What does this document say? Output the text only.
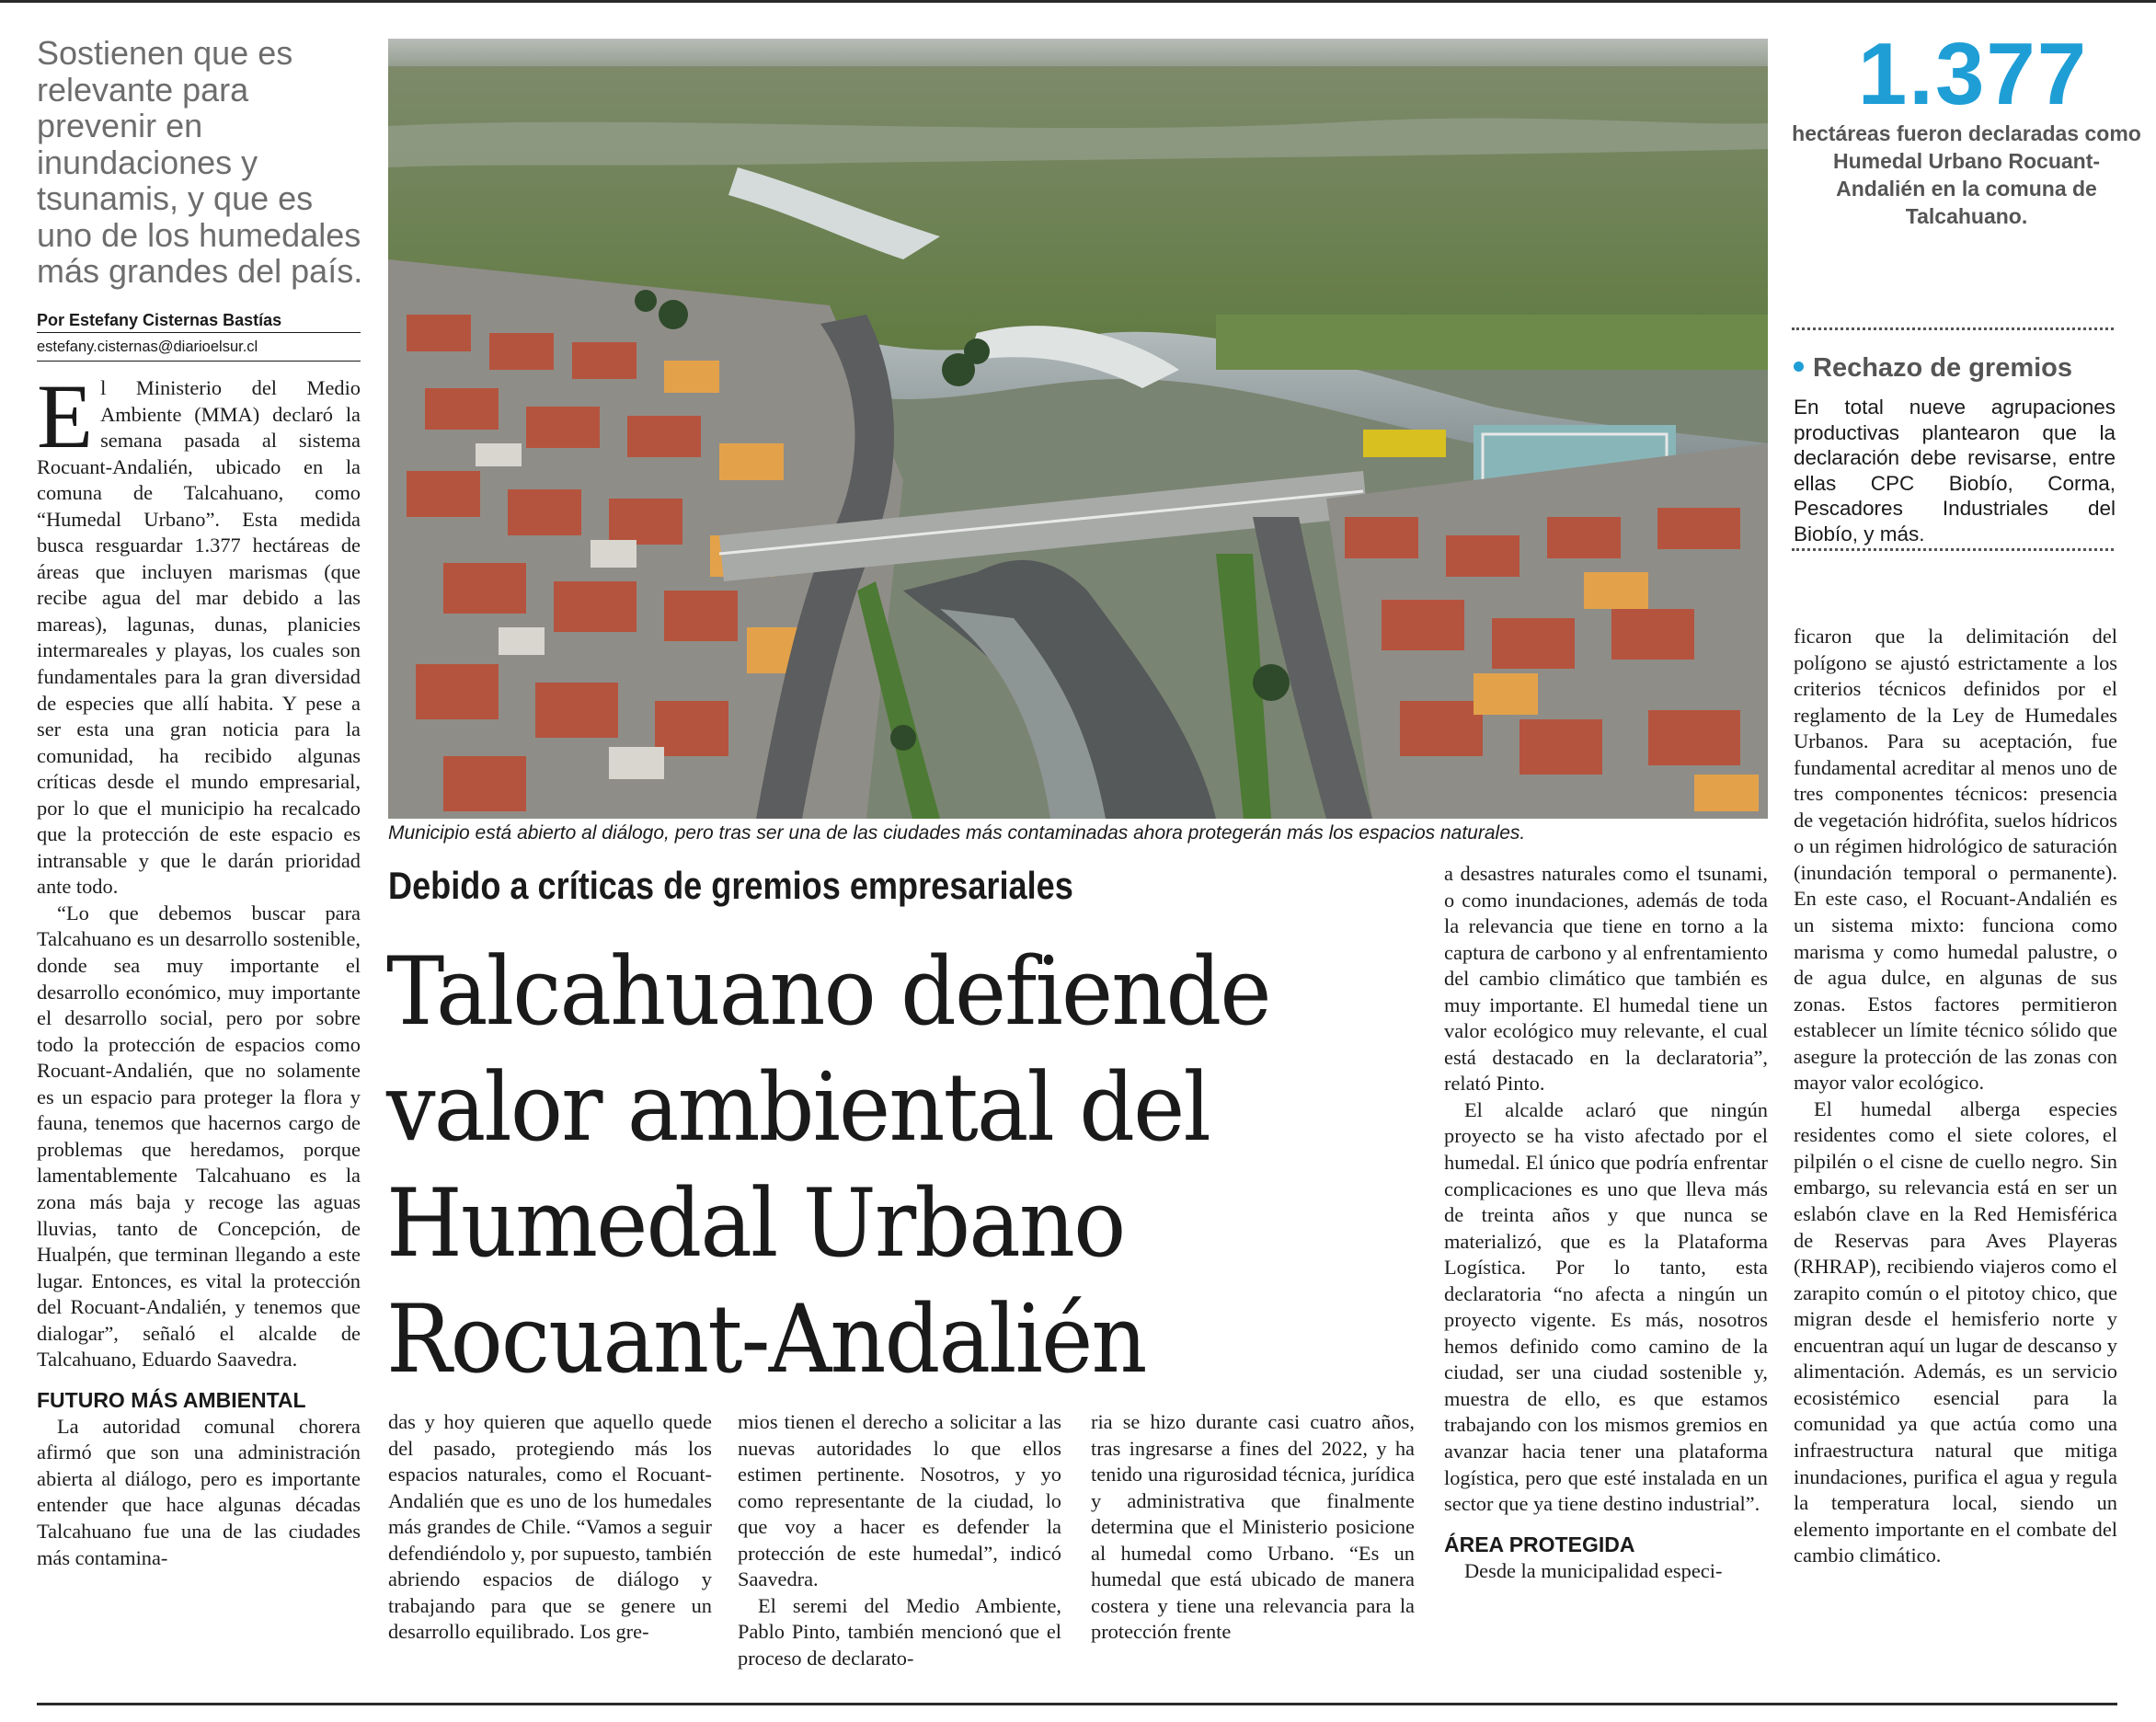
Sostienen que es relevante para prevenir en inundaciones y tsunamis, y que es uno de los humedales más grandes del país.
Por Estefany Cisternas Bastías
estefany.cisternas@diarioelsur.cl

El Ministerio del Medio Ambiente (MMA) declaró la semana pasada al sistema Rocuant-Andalién, ubicado en la comuna de Talcahuano, como “Humedal Urbano”. Esta medida busca resguardar 1.377 hectáreas de áreas que incluyen marismas (que recibe agua del mar debido a las mareas), lagunas, dunas, planicies intermareales y playas, los cuales son fundamentales para la gran diversidad de especies que allí habita. Y pese a ser esta una gran noticia para la comunidad, ha recibido algunas críticas desde el mundo empresarial, por lo que el municipio ha recalcado que la protección de este espacio es intransable y que le darán prioridad ante todo.

“Lo que debemos buscar para Talcahuano es un desarrollo sostenible, donde sea muy importante el desarrollo económico, muy importante el desarrollo social, pero por sobre todo la protección de espacios como Rocuant-Andalién, que no solamente es un espacio para proteger la flora y fauna, tenemos que hacernos cargo de problemas que heredamos, porque lamentablemente Talcahuano es la zona más baja y recoge las aguas lluvias, tanto de Concepción, de Hualpén, que terminan llegando a este lugar. Entonces, es vital la protección del Rocuant-Andalién, y tenemos que dialogar”, señaló el alcalde de Talcahuano, Eduardo Saavedra.

FUTURO MÁS AMBIENTAL

La autoridad comunal chorera afirmó que son una administración abierta al diálogo, pero es importante entender que hace algunas décadas Talcahuano fue una de las ciudades más contamina-

Municipio está abierto al diálogo, pero tras ser una de las ciudades más contaminadas ahora protegerán más los espacios naturales.
Debido a críticas de gremios empresariales
Talcahuano defiende valor ambiental del Humedal Urbano Rocuant-Andalién

das y hoy quieren que aquello quede del pasado, protegiendo más los espacios naturales, como el Rocuant-Andalién que es uno de los humedales más grandes de Chile. “Vamos a seguir defendiéndolo y, por supuesto, también abriendo espacios de diálogo y trabajando para que se genere un desarrollo equilibrado. Los gre-

mios tienen el derecho a solicitar a las nuevas autoridades lo que ellos estimen pertinente. Nosotros, y yo como representante de la ciudad, lo que voy a hacer es defender la protección de este humedal”, indicó Saavedra.

El seremi del Medio Ambiente, Pablo Pinto, también mencionó que el proceso de declarato-

ria se hizo durante casi cuatro años, tras ingresarse a fines del 2022, y ha tenido una rigurosidad técnica, jurídica y administrativa que finalmente determina que el Ministerio posicione al humedal como Urbano. “Es un humedal que está ubicado de manera costera y tiene una relevancia para la protección frente

a desastres naturales como el tsunami, o como inundaciones, además de toda la relevancia que tiene en torno a la captura de carbono y al enfrentamiento del cambio climático que también es muy importante. El humedal tiene un valor ecológico muy relevante, el cual está destacado en la declaratoria”, relató Pinto.

El alcalde aclaró que ningún proyecto se ha visto afectado por el humedal. El único que podría enfrentar complicaciones es uno que lleva más de treinta años y que nunca se materializó, que es la Plataforma Logística. Por lo tanto, esta declaratoria “no afecta a ningún un proyecto vigente. Es más, nosotros hemos definido como camino de la ciudad, ser una ciudad sostenible y, muestra de ello, es que estamos trabajando con los mismos gremios en avanzar hacia tener una plataforma logística, pero que esté instalada en un sector que ya tiene destino industrial”.

ÁREA PROTEGIDA

Desde la municipalidad especi-

1.377
hectáreas fueron declaradas como Humedal Urbano Rocuant-Andalién en la comuna de Talcahuano.
Rechazo de gremios
En total nueve agrupaciones productivas plantearon que la declaración debe revisarse, entre ellas CPC Biobío, Corma, Pescadores Industriales del Biobío, y más.

ficaron que la delimitación del polígono se ajustó estrictamente a los criterios técnicos definidos por el reglamento de la Ley de Humedales Urbanos. Para su aceptación, fue fundamental acreditar al menos uno de tres componentes técnicos: presencia de vegetación hidrófita, suelos hídricos o un régimen hidrológico de saturación (inundación temporal o permanente). En este caso, el Rocuant-Andalién es un sistema mixto: funciona como marisma y como humedal palustre, o de agua dulce, en algunas de sus zonas. Estos factores permitieron establecer un límite técnico sólido que asegure la protección de las zonas con mayor valor ecológico.

El humedal alberga especies residentes como el siete colores, el pilpilén o el cisne de cuello negro. Sin embargo, su relevancia está en ser un eslabón clave en la Red Hemisférica de Reservas para Aves Playeras (RHRAP), recibiendo viajeros como el zarapito común o el pitotoy chico, que migran desde el hemisferio norte y encuentran aquí un lugar de descanso y alimentación. Además, es un servicio ecosistémico esencial para la comunidad ya que actúa como una infraestructura natural que mitiga inundaciones, purifica el agua y regula la temperatura local, siendo un elemento importante en el combate del cambio climático.
